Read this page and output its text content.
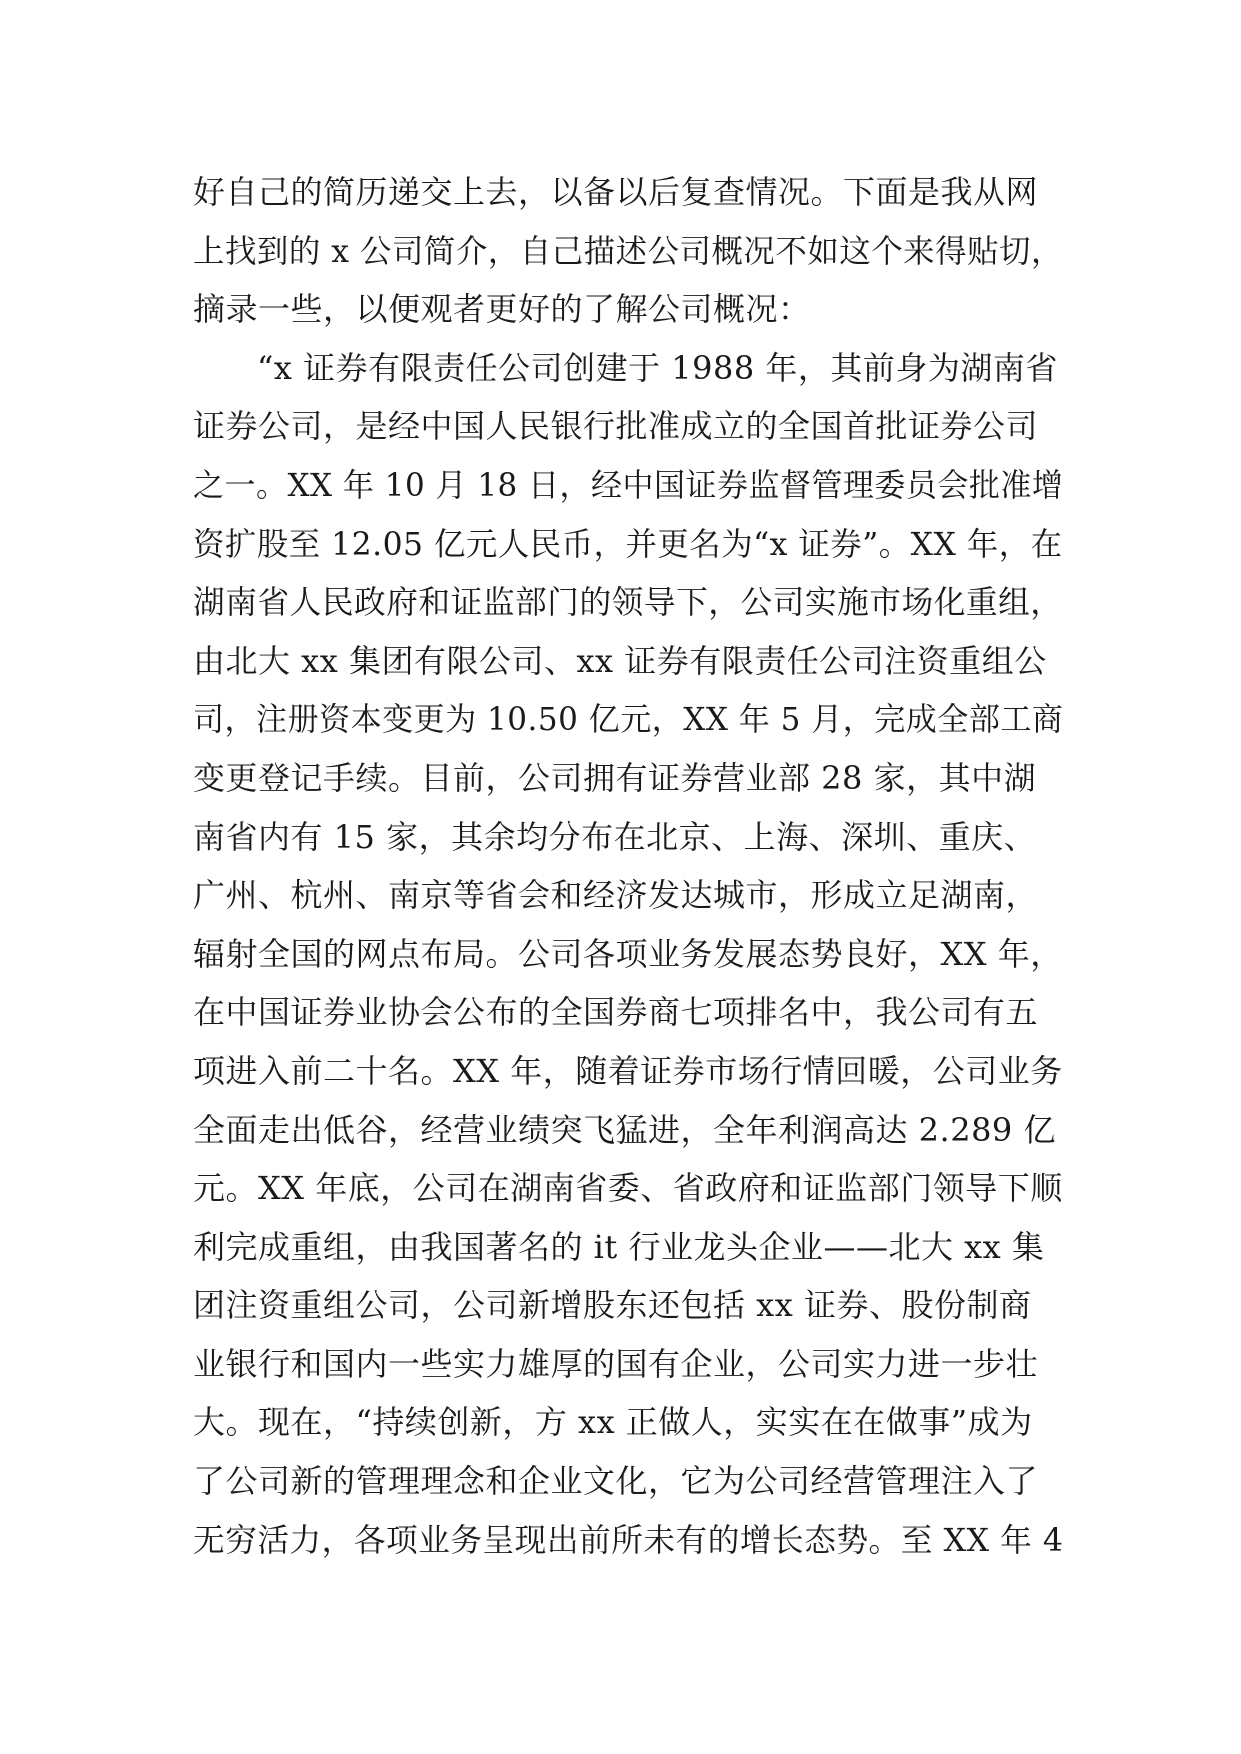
好自己的简历递交上去，以备以后复查情况。下面是我从网
上找到的 x 公司简介，自己描述公司概况不如这个来得贴切，
摘录一些，以便观者更好的了解公司概况：
“x 证券有限责任公司创建于 1988 年，其前身为湖南省
证券公司，是经中国人民银行批准成立的全国首批证券公司
之一。XX 年 10 月 18 日，经中国证券监督管理委员会批准增
资扩股至 12.05 亿元人民币，并更名为“x 证券”。XX 年，在
湖南省人民政府和证监部门的领导下，公司实施市场化重组，
由北大 xx 集团有限公司、xx 证券有限责任公司注资重组公
司，注册资本变更为 10.50 亿元，XX 年 5 月，完成全部工商
变更登记手续。目前，公司拥有证券营业部 28 家，其中湖
南省内有 15 家，其余均分布在北京、上海、深圳、重庆、
广州、杭州、南京等省会和经济发达城市，形成立足湖南，
辐射全国的网点布局。公司各项业务发展态势良好，XX 年，
在中国证券业协会公布的全国券商七项排名中，我公司有五
项进入前二十名。XX 年，随着证券市场行情回暖，公司业务
全面走出低谷，经营业绩突飞猛进，全年利润高达 2.289 亿
元。XX 年底，公司在湖南省委、省政府和证监部门领导下顺
利完成重组，由我国著名的 it 行业龙头企业——北大 xx 集
团注资重组公司，公司新增股东还包括 xx 证券、股份制商
业银行和国内一些实力雄厚的国有企业，公司实力进一步壮
大。现在，“持续创新，方 xx 正做人，实实在在做事”成为
了公司新的管理理念和企业文化，它为公司经营管理注入了
无穷活力，各项业务呈现出前所未有的增长态势。至 XX 年 4
